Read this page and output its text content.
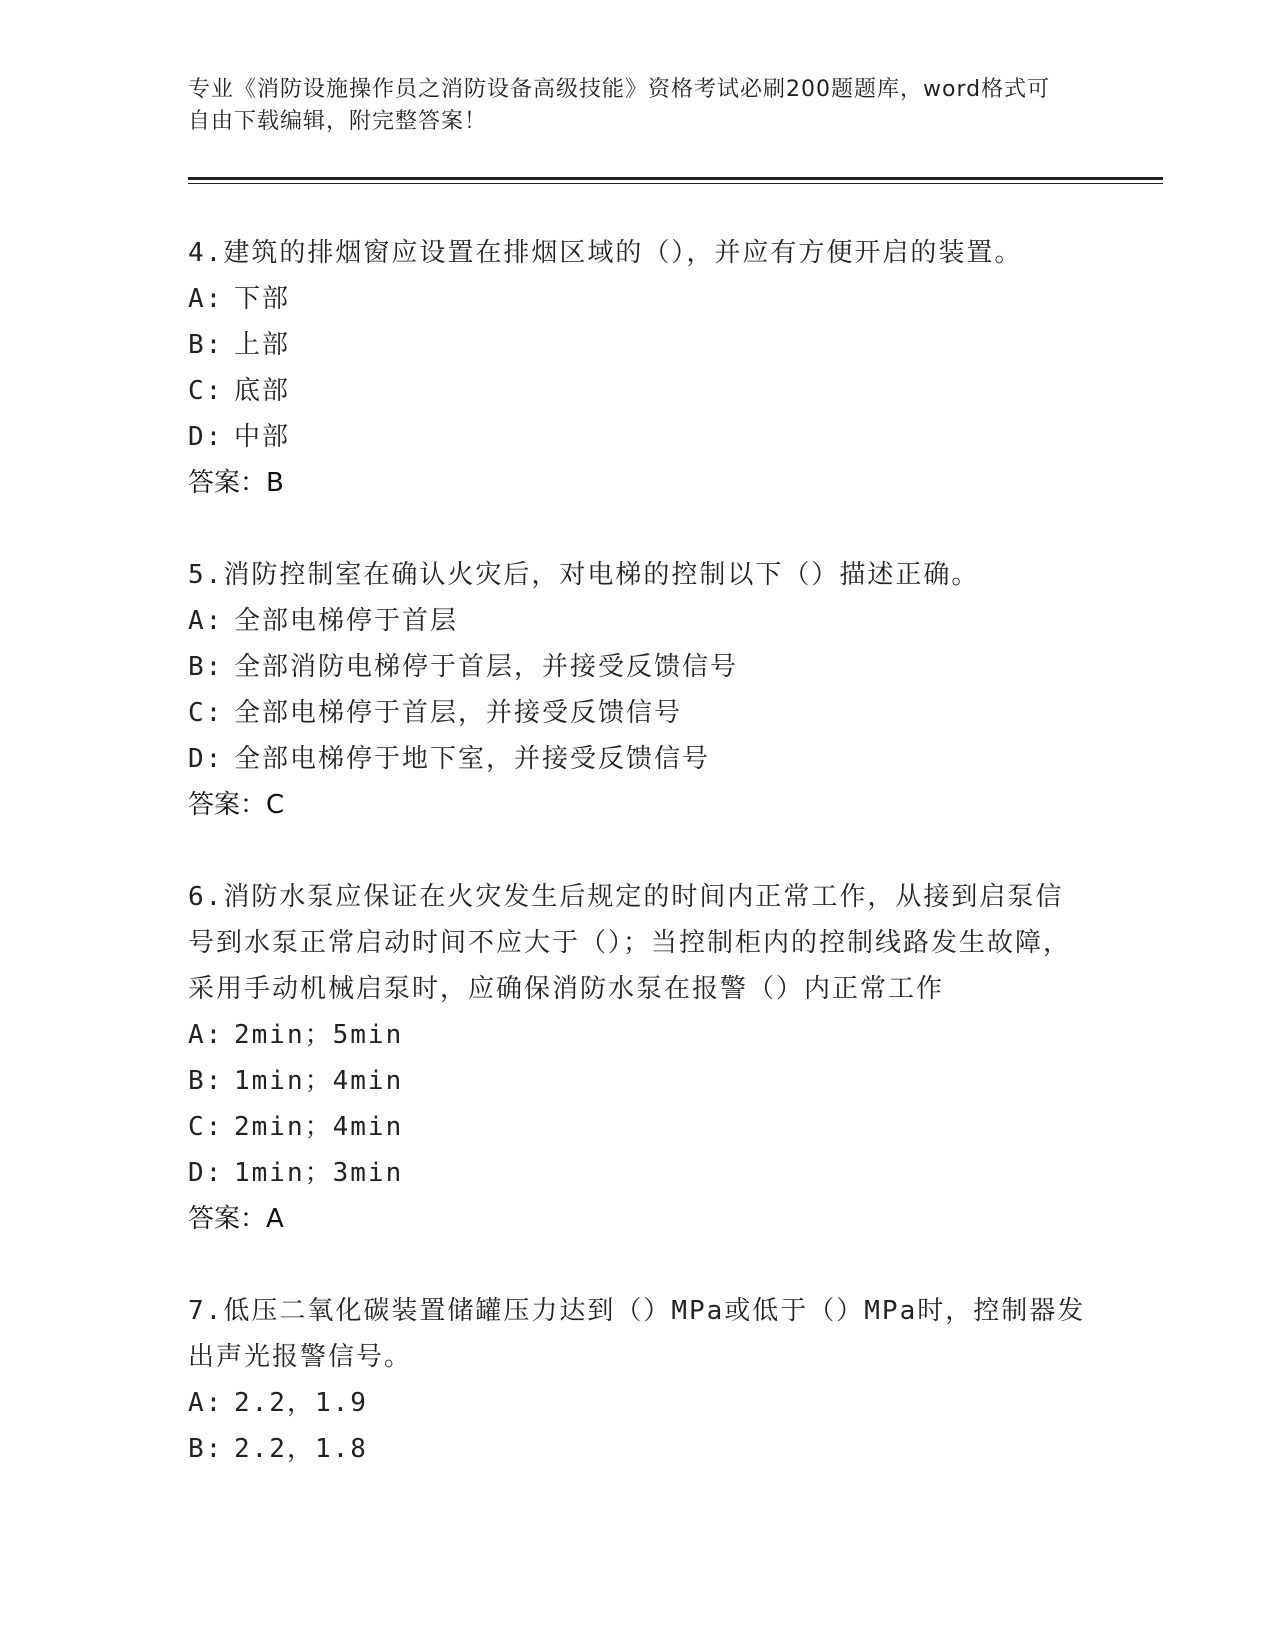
专业《消防设施操作员之消防设备高级技能》资格考试必刷200题题库，word格式可自由下载编辑，附完整答案！

4.建筑的排烟窗应设置在排烟区域的（），并应有方便开启的装置。

A: 下部

B: 上部

C: 底部

D: 中部

答案：B

5.消防控制室在确认火灾后，对电梯的控制以下（）描述正确。

A: 全部电梯停于首层

B: 全部消防电梯停于首层，并接受反馈信号

C: 全部电梯停于首层，并接受反馈信号

D: 全部电梯停于地下室，并接受反馈信号

答案：C

6.消防水泵应保证在火灾发生后规定的时间内正常工作，从接到启泵信号到水泵正常启动时间不应大于（）；当控制柜内的控制线路发生故障，采用手动机械启泵时，应确保消防水泵在报警（）内正常工作

A: 2min；5min

B: 1min；4min

C: 2min；4min

D: 1min；3min

答案：A

7.低压二氧化碳装置储罐压力达到（）MPa或低于（）MPa时，控制器发出声光报警信号。

A: 2.2，1.9

B: 2.2，1.8
